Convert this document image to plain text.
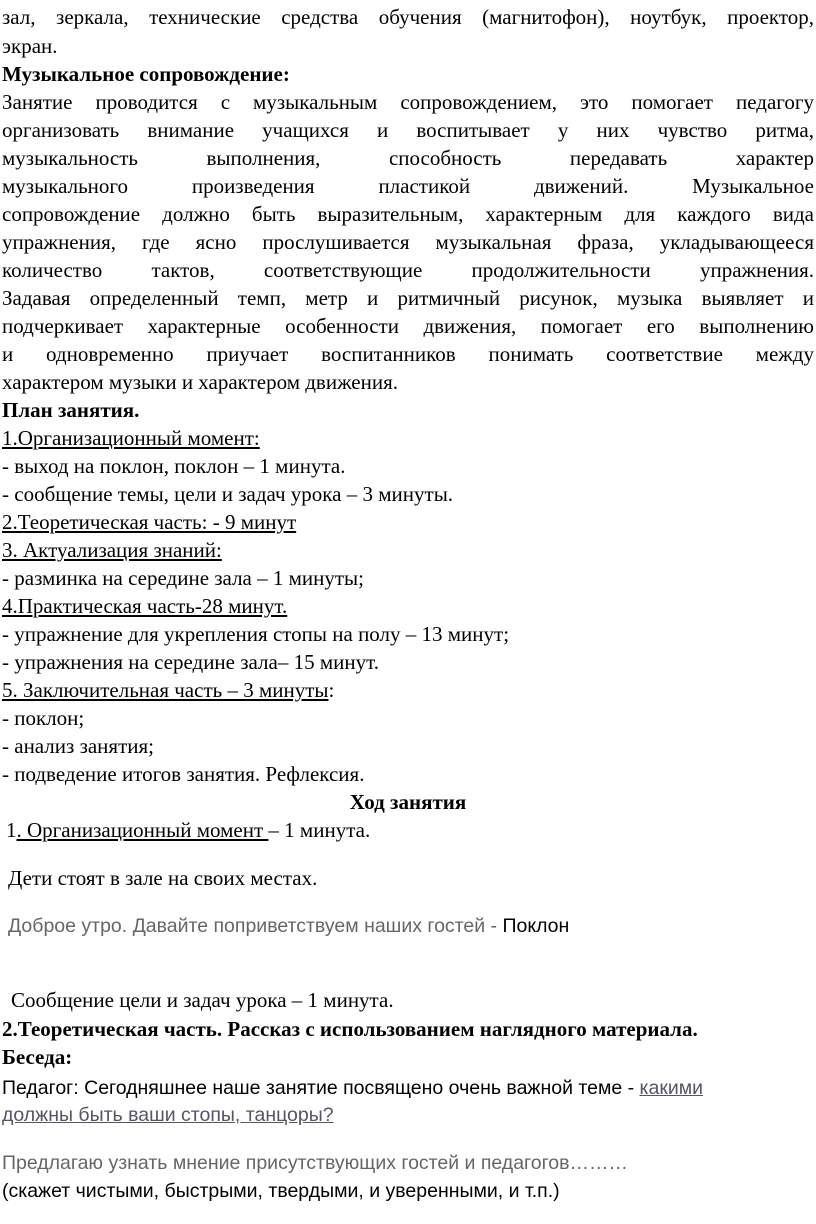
зал, зеркала, технические средства обучения (магнитофон), ноутбук, проектор,
экран.
Музыкальное сопровождение:
Занятие проводится с музыкальным сопровождением, это помогает педагогу
организовать внимание учащихся и воспитывает у них чувство ритма,
музыкальность выполнения, способность передавать характер
музыкального произведения пластикой движений. Музыкальное
сопровождение должно быть выразительным, характерным для каждого вида
упражнения, где ясно прослушивается музыкальная фраза, укладывающееся
количество тактов, соответствующие продолжительности упражнения.
Задавая определенный темп, метр и ритмичный рисунок, музыка выявляет и
подчеркивает характерные особенности движения, помогает его выполнению
и одновременно приучает воспитанников понимать соответствие между
характером музыки и характером движения.
План занятия.
1.Организационный момент:
- выход на поклон, поклон – 1 минута.
- сообщение темы, цели и задач урока – 3 минуты.
2.Теоретическая часть: - 9 минут
3. Актуализация знаний:
- разминка на середине зала – 1 минуты;
4.Практическая часть-28 минут.
- упражнение для укрепления стопы на полу – 13 минут;
- упражнения на середине зала– 15 минут.
5. Заключительная часть – 3 минуты:
- поклон;
- анализ занятия;
- подведение итогов занятия. Рефлексия.
Ход занятия
1. Организационный момент – 1 минута.
Дети стоят в зале на своих местах.
Доброе утро. Давайте поприветствуем наших гостей - Поклон
Сообщение цели и задач урока – 1 минута.
2.Теоретическая часть. Рассказ с использованием наглядного материала.
Беседа:
Педагог: Сегодняшнее наше занятие посвящено очень важной теме - какими
должны быть ваши стопы, танцоры?
Предлагаю узнать мнение присутствующих гостей и педагогов………
(скажет чистыми, быстрыми, твердыми, и уверенными, и т.п.)
